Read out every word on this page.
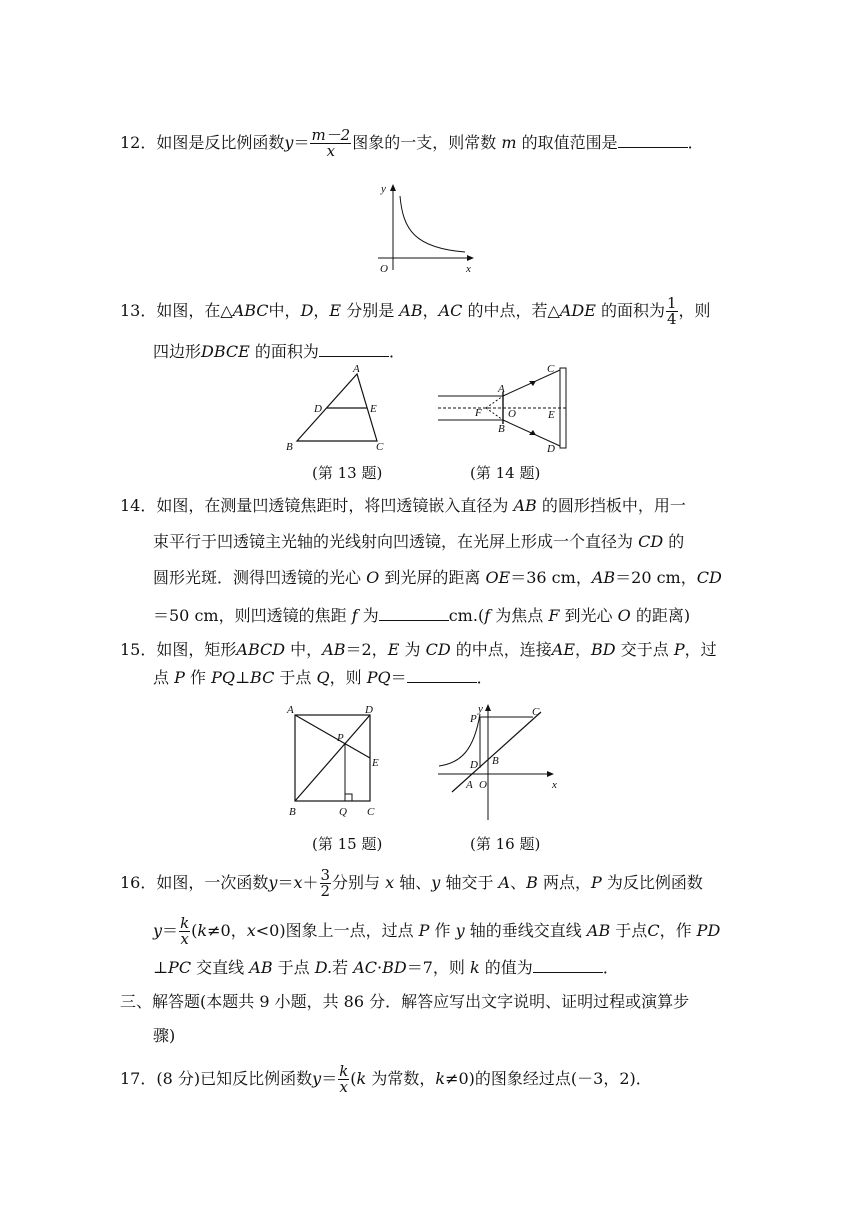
12．如图是反比例函数$y= \frac{m-2}{x}$ 图象的一支，则常数 m 的取值范围是	．
y
O	x
13．如图，在△ABC中，D，E 分别是 AB，AC 的中点，若△ADE 的面积为 $\frac{1}{4}$ ，则
四边形DBCE 的面积为	．
A
D	E
B	C
(第 13 题)
A
B
C
D
E
F O
(第 14 题)
14．如图，在测量凹透镜焦距时，将凹透镜嵌入直径为 AB 的圆形挡板中，用一
束平行于凹透镜主光轴的光线射向凹透镜，在光屏上形成一个直径为 CD 的
圆形光斑．测得凹透镜的光心 O 到光屏的距离 OE＝36 cm，AB＝20 cm，CD
＝50 cm，则凹透镜的焦距 f 为	cm.(f 为焦点 F 到光心 O 的距离)
15．如图，矩形ABCD 中，AB＝2，E 为 CD 的中点，连接AE，BD 交于点 P，过
点 P 作 PQ⊥BC 于点 Q，则 PQ＝	．
A	D
P
E
B	Q C
(第 15 题)
y
x
P
C
D B
A O
(第 16 题)
16．如图，一次函数$y=x+ \frac{3}{2}$ 分别与 x 轴、y 轴交于 A、B 两点，P 为反比例函数
$y= \frac{k}{x} (k\ne 0$，x<0)图象上一点，过点 P 作 y 轴的垂线交直线 AB 于点C，作 PD
⊥PC 交直线 AB 于点 D.若 AC·BD＝7，则 k 的值为	．
三、解答题(本题共 9 小题，共 86 分．解答应写出文字说明、证明过程或演算步
骤)
17．(8 分)已知反比例函数$y= \frac{k}{x} (k$ 为常数，k≠0)的图象经过点(－3，2)．
